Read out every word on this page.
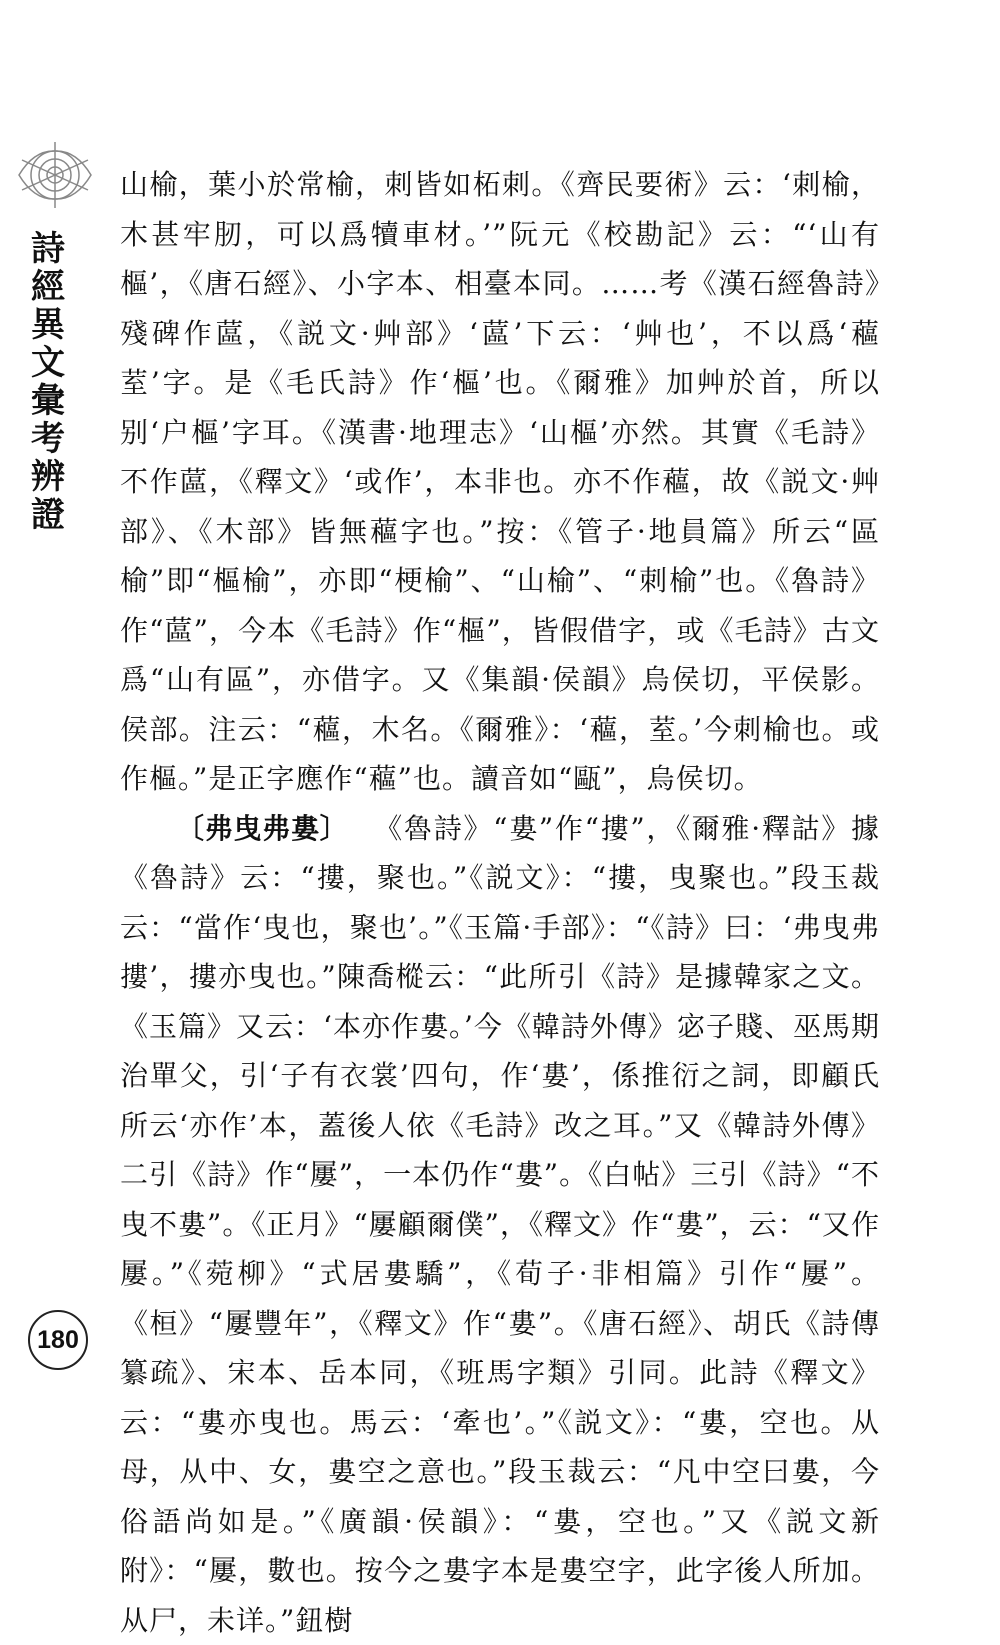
詩經異文彙考辨證
180

山榆，葉小於常榆，刺皆如柘刺。《齊民要術》云：‘刺榆，木甚牢肕，可以爲犢車材。’”阮元《校勘記》云：“‘山有樞’，《唐石經》、小字本、相臺本同。……考《漢石經魯詩》殘碑作蓲，《説文·艸部》‘蓲’下云：‘艸也’，不以爲‘藲荎’字。是《毛氏詩》作‘樞’也。《爾雅》加艸於首，所以别‘户樞’字耳。《漢書·地理志》‘山樞’亦然。其實《毛詩》不作蓲，《釋文》‘或作’，本非也。亦不作藲，故《説文·艸部》、《木部》皆無藲字也。”按：《管子·地員篇》所云“區榆”即“樞榆”，亦即“梗榆”、“山榆”、“刺榆”也。《魯詩》作“蓲”，今本《毛詩》作“樞”，皆假借字，或《毛詩》古文爲“山有區”，亦借字。又《集韻·侯韻》烏侯切，平侯影。侯部。注云：“藲，木名。《爾雅》：‘藲，荎。’今刺榆也。或作樞。”是正字應作“藲”也。讀音如“甌”，烏侯切。

〔弗曳弗婁〕 《魯詩》“婁”作“摟”，《爾雅·釋詁》據《魯詩》云：“摟，聚也。”《説文》：“摟，曳聚也。”段玉裁云：“當作‘曳也，聚也’。”《玉篇·手部》：“《詩》曰：‘弗曳弗摟’，摟亦曳也。”陳喬樅云：“此所引《詩》是據韓家之文。《玉篇》又云：‘本亦作婁。’今《韓詩外傳》宓子賤、巫馬期治單父，引‘子有衣裳’四句，作‘婁’，係推衍之詞，即顧氏所云‘亦作’本，蓋後人依《毛詩》改之耳。”又《韓詩外傳》二引《詩》作“屢”，一本仍作“婁”。《白帖》三引《詩》“不曳不婁”。《正月》“屢顧爾僕”，《釋文》作“婁”，云：“又作屢。”《菀柳》“式居婁驕”，《荀子·非相篇》引作“屢”。《桓》“屢豐年”，《釋文》作“婁”。《唐石經》、胡氏《詩傳纂疏》、宋本、岳本同，《班馬字類》引同。此詩《釋文》云：“婁亦曳也。馬云：‘牽也’。”《説文》：“婁，空也。从母，从中、女，婁空之意也。”段玉裁云：“凡中空曰婁，今俗語尚如是。”《廣韻·侯韻》：“婁，空也。”又《説文新附》：“屢，數也。按今之婁字本是婁空字，此字後人所加。从尸，未详。”鈕樹
